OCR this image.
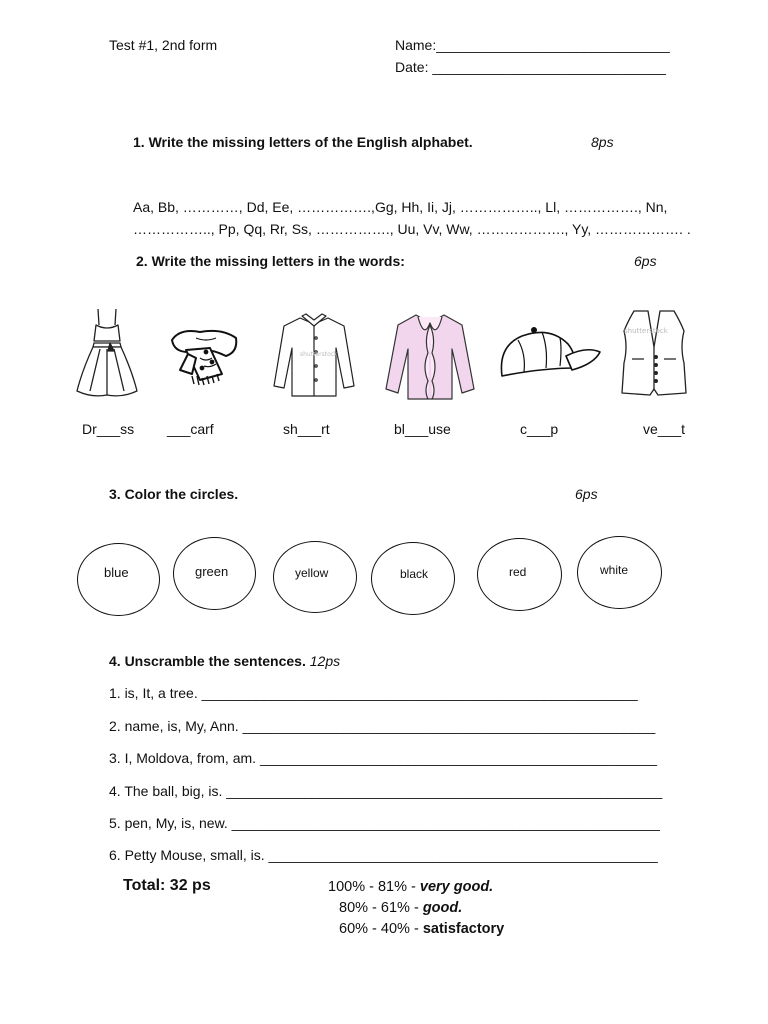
Test #1, 2nd form	Name:______________________________
Date: ______________________________
1. Write the missing letters of the English alphabet.	8ps
Aa, Bb, …………, Dd, Ee, …………….,Gg, Hh, Ii, Jj, …………….., Ll, ……………., Nn,
…………….., Pp, Qq, Rr, Ss, ……………., Uu, Vv, Ww, ………………., Yy, ………………. .
2. Write the missing letters in the words:	6ps
shutterstock
shutterstock
Dr___ss ___carf	sh___rt	bl___use	c___p	ve___t
3. Color the circles.	6ps
blue	green	yellow	black	red	white
4. Unscramble the sentences. 12ps
1. is, It, a tree. ________________________________________________________
2. name, is, My, Ann. _____________________________________________________
3. I, Moldova, from, am. ___________________________________________________
4. The ball, big, is. ________________________________________________________
5. pen, My, is, new. _______________________________________________________
6. Petty Mouse, small, is. __________________________________________________
Total: 32 ps	100% - 81% - very good.
80% - 61% - good.
60% - 40% - satisfactory
